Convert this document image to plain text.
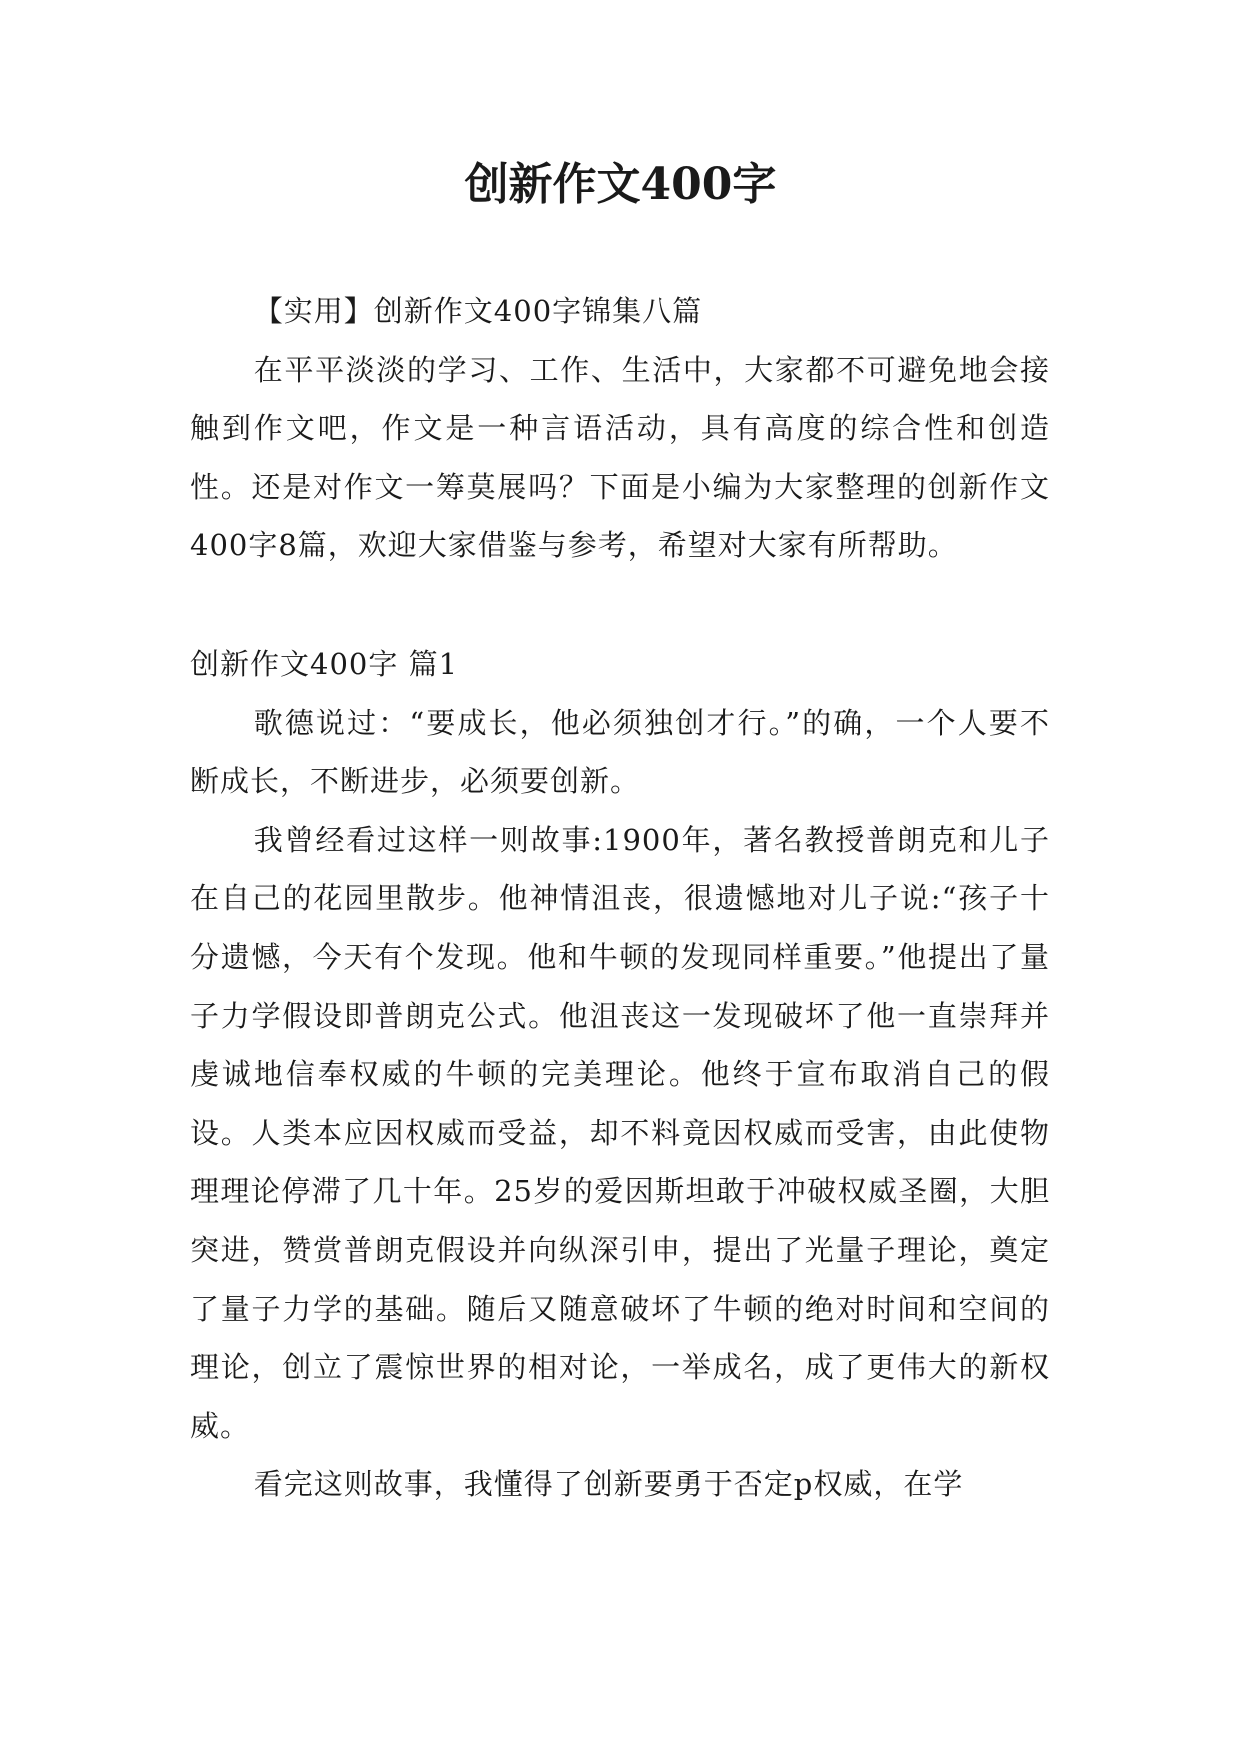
创新作文400字

【实用】创新作文400字锦集八篇

在平平淡淡的学习、工作、生活中，大家都不可避免地会接触到作文吧，作文是一种言语活动，具有高度的综合性和创造性。还是对作文一筹莫展吗？下面是小编为大家整理的创新作文400字8篇，欢迎大家借鉴与参考，希望对大家有所帮助。

创新作文400字 篇1

歌德说过：“要成长，他必须独创才行。”的确，一个人要不断成长，不断进步，必须要创新。

我曾经看过这样一则故事:1900年，著名教授普朗克和儿子在自己的花园里散步。他神情沮丧，很遗憾地对儿子说:“孩子十分遗憾，今天有个发现。他和牛顿的发现同样重要。”他提出了量子力学假设即普朗克公式。他沮丧这一发现破坏了他一直崇拜并虔诚地信奉权威的牛顿的完美理论。他终于宣布取消自己的假设。人类本应因权威而受益，却不料竟因权威而受害，由此使物理理论停滞了几十年。25岁的爱因斯坦敢于冲破权威圣圈，大胆突进，赞赏普朗克假设并向纵深引申，提出了光量子理论，奠定了量子力学的基础。随后又随意破坏了牛顿的绝对时间和空间的理论，创立了震惊世界的相对论，一举成名，成了更伟大的新权威。

看完这则故事，我懂得了创新要勇于否定p权威，在学
